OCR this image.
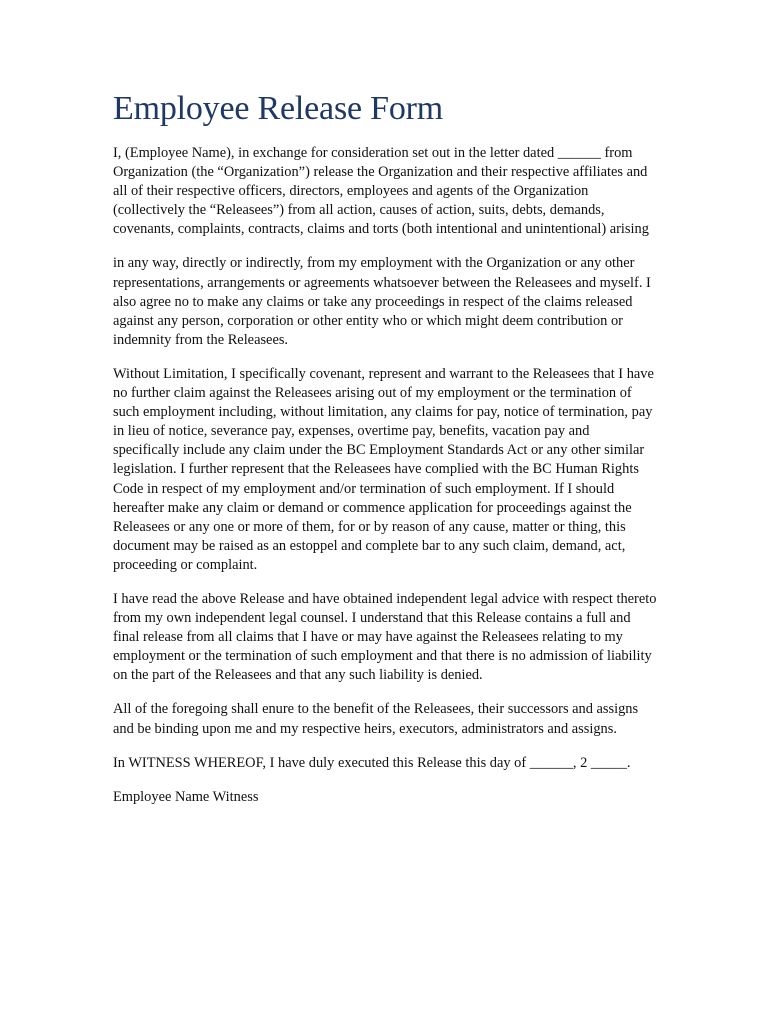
Employee Release Form

I, (Employee Name), in exchange for consideration set out in the letter dated ______ from Organization (the “Organization”) release the Organization and their respective affiliates and all of their respective officers, directors, employees and agents of the Organization (collectively the “Releasees”) from all action, causes of action, suits, debts, demands, covenants, complaints, contracts, claims and torts (both intentional and unintentional) arising

in any way, directly or indirectly, from my employment with the Organization or any other representations, arrangements or agreements whatsoever between the Releasees and myself. I also agree no to make any claims or take any proceedings in respect of the claims released against any person, corporation or other entity who or which might deem contribution or indemnity from the Releasees.

Without Limitation, I specifically covenant, represent and warrant to the Releasees that I have no further claim against the Releasees arising out of my employment or the termination of such employment including, without limitation, any claims for pay, notice of termination, pay in lieu of notice, severance pay, expenses, overtime pay, benefits, vacation pay and specifically include any claim under the BC Employment Standards Act or any other similar legislation. I further represent that the Releasees have complied with the BC Human Rights Code in respect of my employment and/or termination of such employment. If I should hereafter make any claim or demand or commence application for proceedings against the Releasees or any one or more of them, for or by reason of any cause, matter or thing, this document may be raised as an estoppel and complete bar to any such claim, demand, act, proceeding or complaint.

I have read the above Release and have obtained independent legal advice with respect thereto from my own independent legal counsel. I understand that this Release contains a full and final release from all claims that I have or may have against the Releasees relating to my employment or the termination of such employment and that there is no admission of liability on the part of the Releasees and that any such liability is denied.

All of the foregoing shall enure to the benefit of the Releasees, their successors and assigns and be binding upon me and my respective heirs, executors, administrators and assigns.

In WITNESS WHEREOF, I have duly executed this Release this day of ______, 2 _____.

Employee Name Witness
